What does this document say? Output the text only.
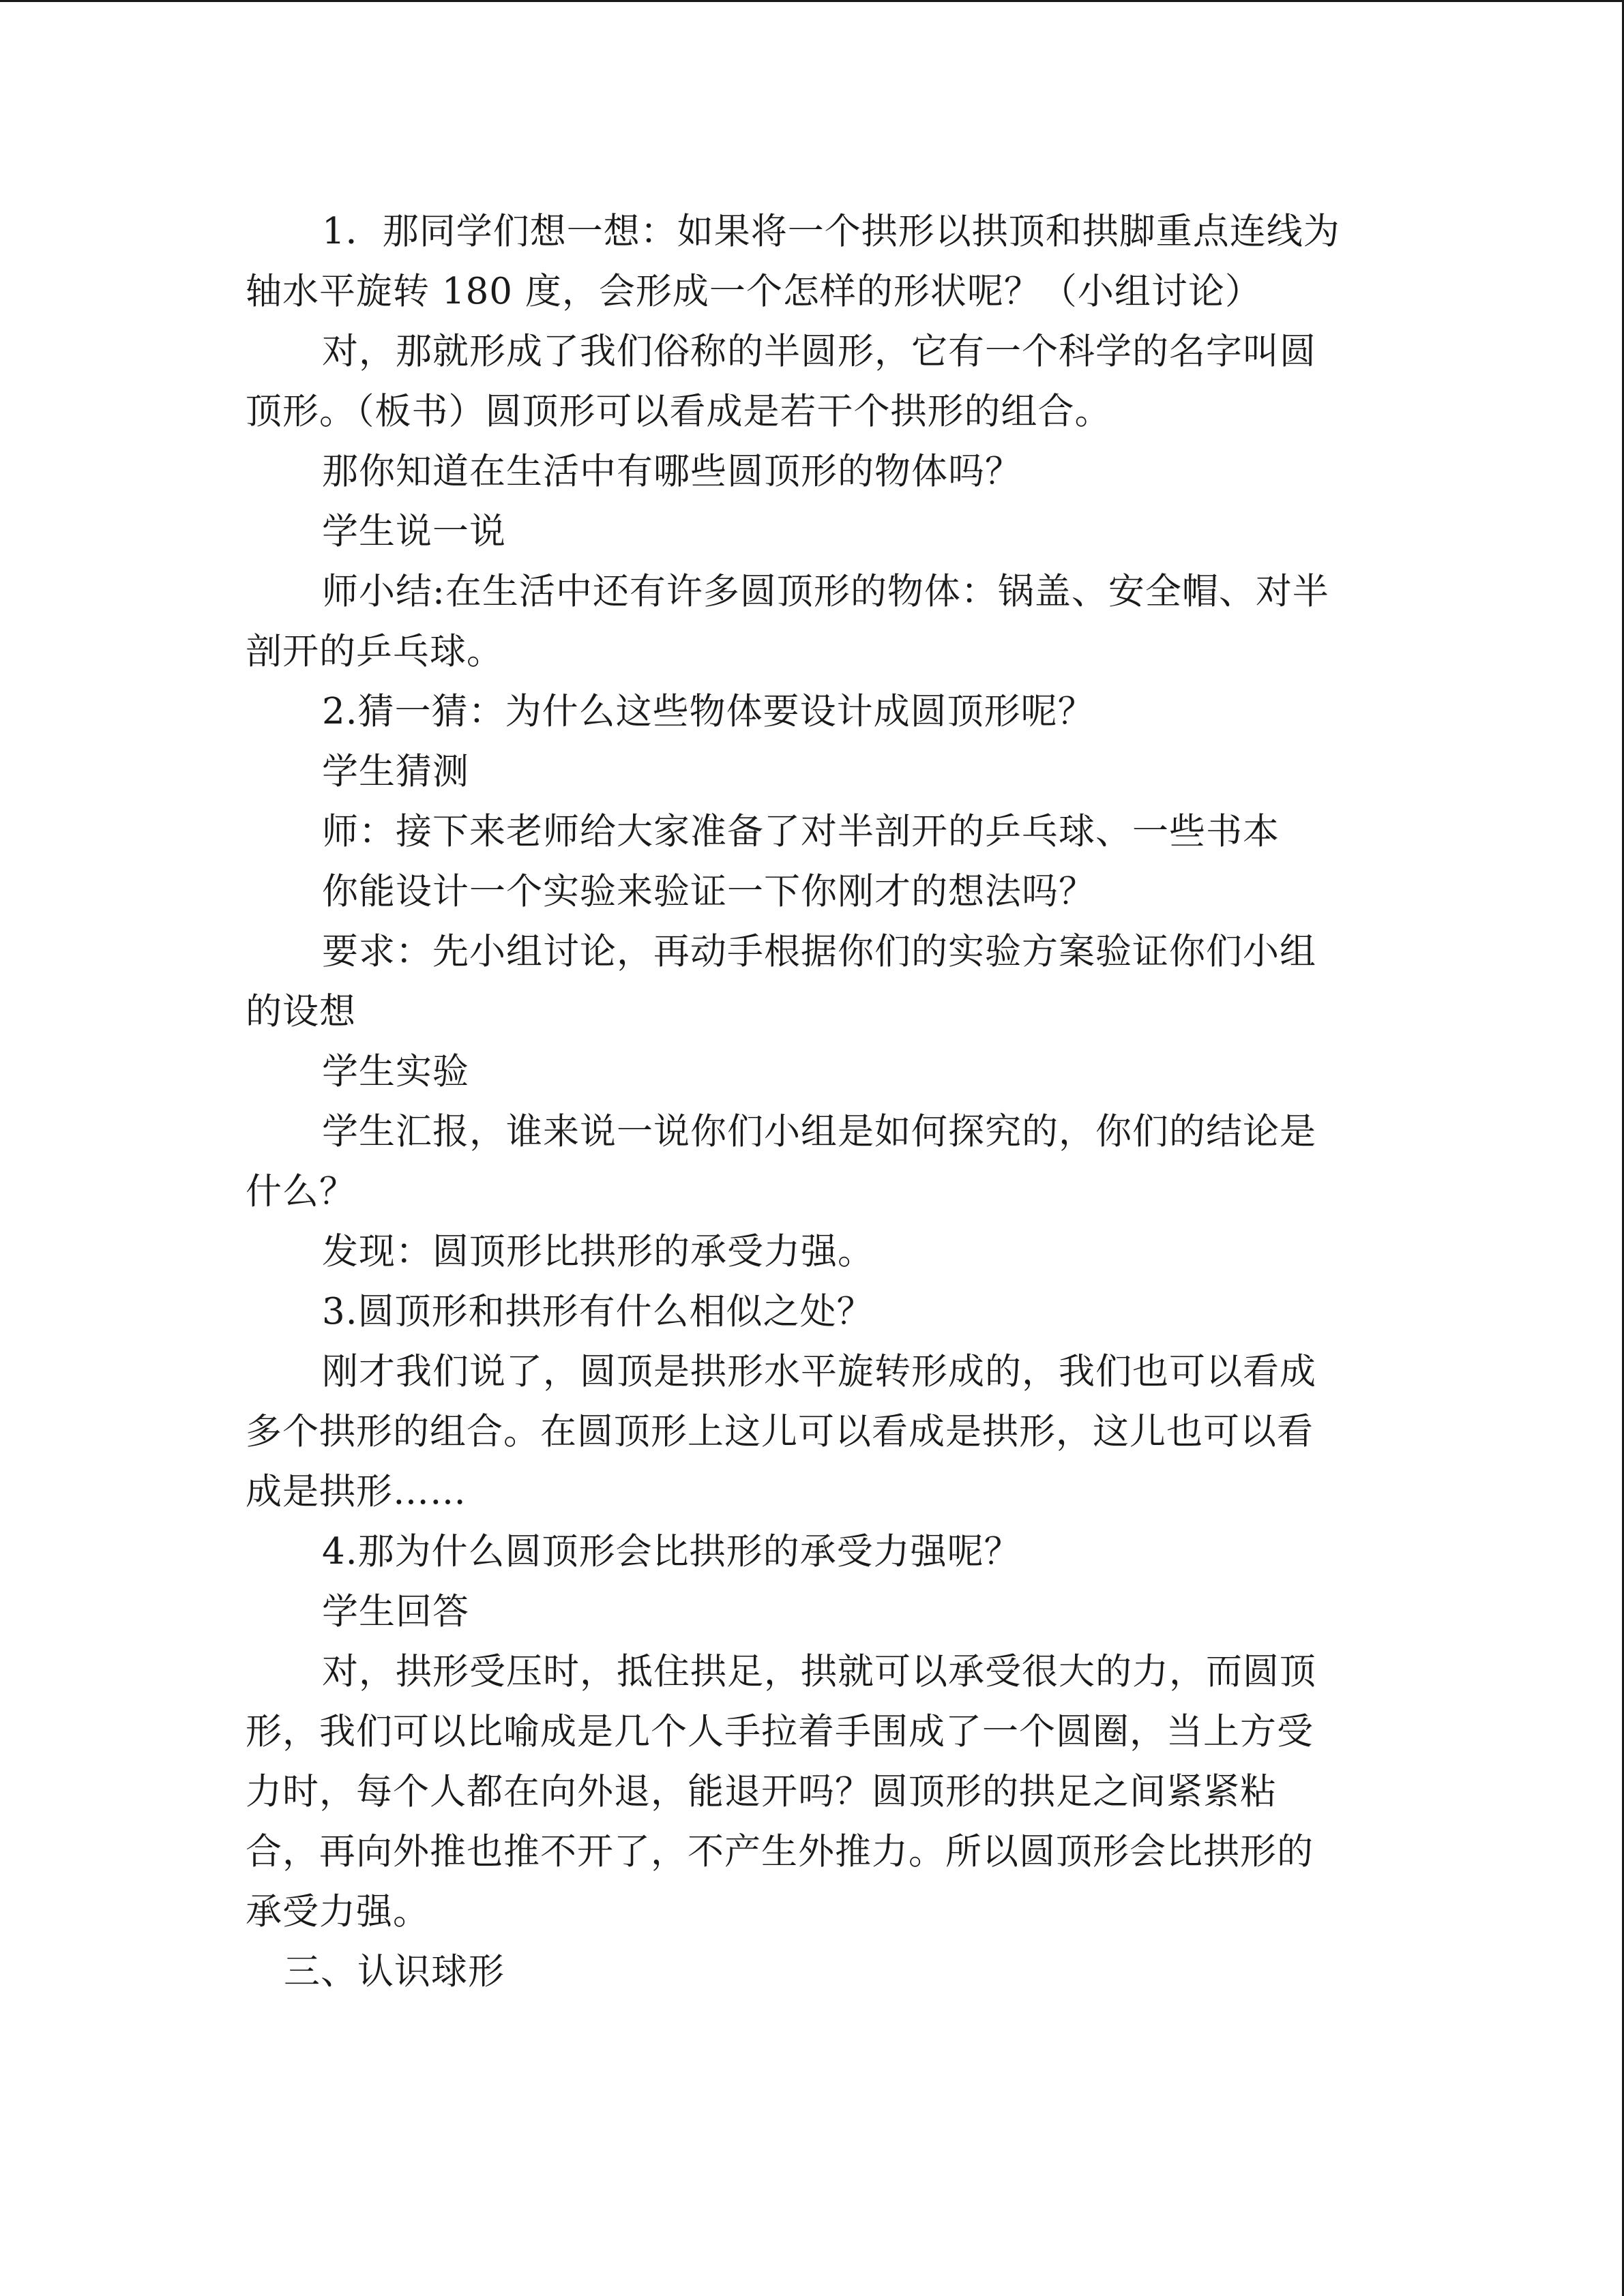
1．那同学们想一想：如果将一个拱形以拱顶和拱脚重点连线为

轴水平旋转 180 度，会形成一个怎样的形状呢？（小组讨论）

对，那就形成了我们俗称的半圆形，它有一个科学的名字叫圆

顶形。（板书）圆顶形可以看成是若干个拱形的组合。

那你知道在生活中有哪些圆顶形的物体吗？

学生说一说

师小结:在生活中还有许多圆顶形的物体：锅盖、安全帽、对半

剖开的乒乓球。

2.猜一猜：为什么这些物体要设计成圆顶形呢？

学生猜测

师：接下来老师给大家准备了对半剖开的乒乓球、一些书本

你能设计一个实验来验证一下你刚才的想法吗？

要求：先小组讨论，再动手根据你们的实验方案验证你们小组

的设想

学生实验

学生汇报，谁来说一说你们小组是如何探究的，你们的结论是

什么？

发现：圆顶形比拱形的承受力强。

3.圆顶形和拱形有什么相似之处？

刚才我们说了，圆顶是拱形水平旋转形成的，我们也可以看成

多个拱形的组合。在圆顶形上这儿可以看成是拱形，这儿也可以看

成是拱形……

4.那为什么圆顶形会比拱形的承受力强呢？

学生回答

对，拱形受压时，抵住拱足，拱就可以承受很大的力，而圆顶

形，我们可以比喻成是几个人手拉着手围成了一个圆圈，当上方受

力时，每个人都在向外退，能退开吗？圆顶形的拱足之间紧紧粘

合，再向外推也推不开了，不产生外推力。所以圆顶形会比拱形的

承受力强。

三、认识球形
